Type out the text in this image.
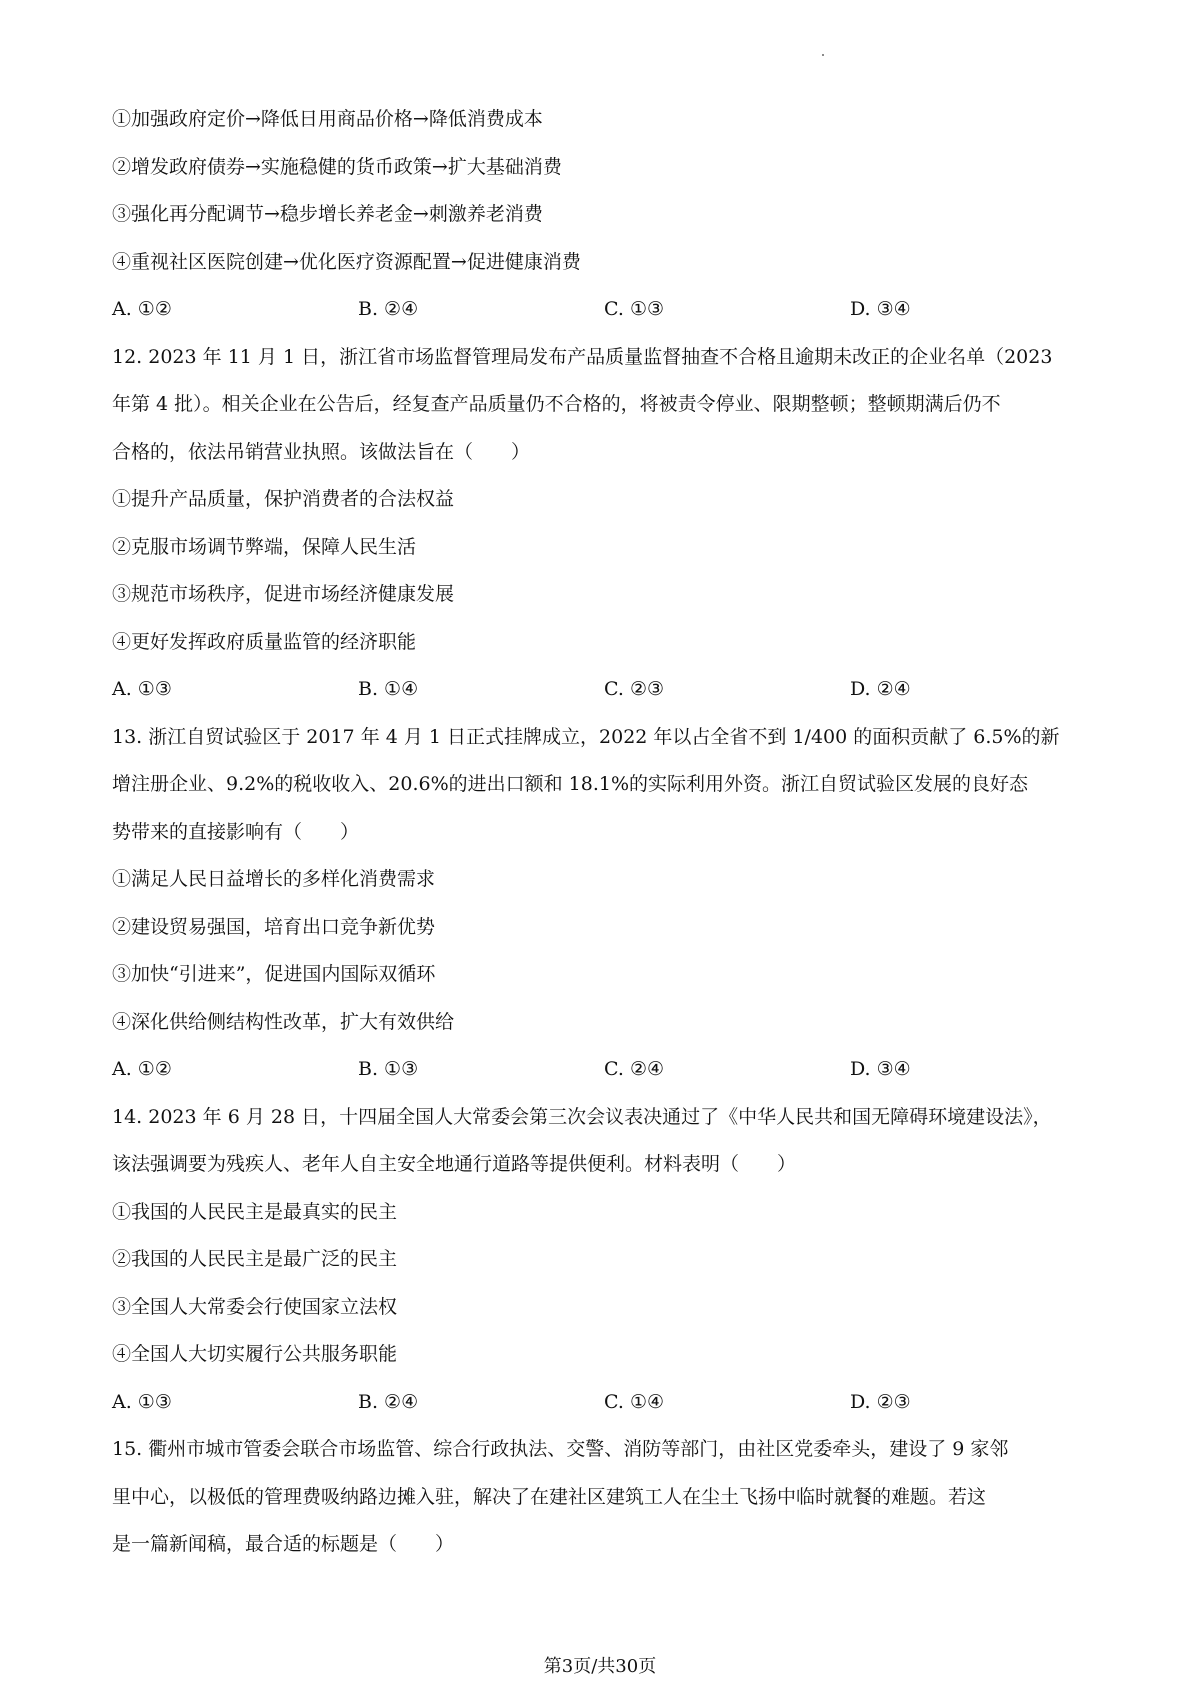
①加强政府定价→降低日用商品价格→降低消费成本
②增发政府债券→实施稳健的货币政策→扩大基础消费
③强化再分配调节→稳步增长养老金→刺激养老消费
④重视社区医院创建→优化医疗资源配置→促进健康消费
A. ①②	B. ②④	C. ①③	D. ③④
12. 2023 年 11 月 1 日，浙江省市场监督管理局发布产品质量监督抽查不合格且逾期未改正的企业名单（2023
年第 4 批）。相关企业在公告后，经复查产品质量仍不合格的，将被责令停业、限期整顿；整顿期满后仍不
合格的，依法吊销营业执照。该做法旨在（　　）
①提升产品质量，保护消费者的合法权益
②克服市场调节弊端，保障人民生活
③规范市场秩序，促进市场经济健康发展
④更好发挥政府质量监管的经济职能
A. ①③	B. ①④	C. ②③	D. ②④
13. 浙江自贸试验区于 2017 年 4 月 1 日正式挂牌成立，2022 年以占全省不到 1/400 的面积贡献了 6.5%的新
增注册企业、9.2%的税收收入、20.6%的进出口额和 18.1%的实际利用外资。浙江自贸试验区发展的良好态
势带来的直接影响有（　　）
①满足人民日益增长的多样化消费需求
②建设贸易强国，培育出口竞争新优势
③加快“引进来”，促进国内国际双循环
④深化供给侧结构性改革，扩大有效供给
A. ①②	B. ①③	C. ②④	D. ③④
14. 2023 年 6 月 28 日，十四届全国人大常委会第三次会议表决通过了《中华人民共和国无障碍环境建设法》，
该法强调要为残疾人、老年人自主安全地通行道路等提供便利。材料表明（　　）
①我国的人民民主是最真实的民主
②我国的人民民主是最广泛的民主
③全国人大常委会行使国家立法权
④全国人大切实履行公共服务职能
A. ①③	B. ②④	C. ①④	D. ②③
15. 衢州市城市管委会联合市场监管、综合行政执法、交警、消防等部门，由社区党委牵头，建设了 9 家邻
里中心，以极低的管理费吸纳路边摊入驻，解决了在建社区建筑工人在尘土飞扬中临时就餐的难题。若这
是一篇新闻稿，最合适的标题是（　　）
第3页/共30页
